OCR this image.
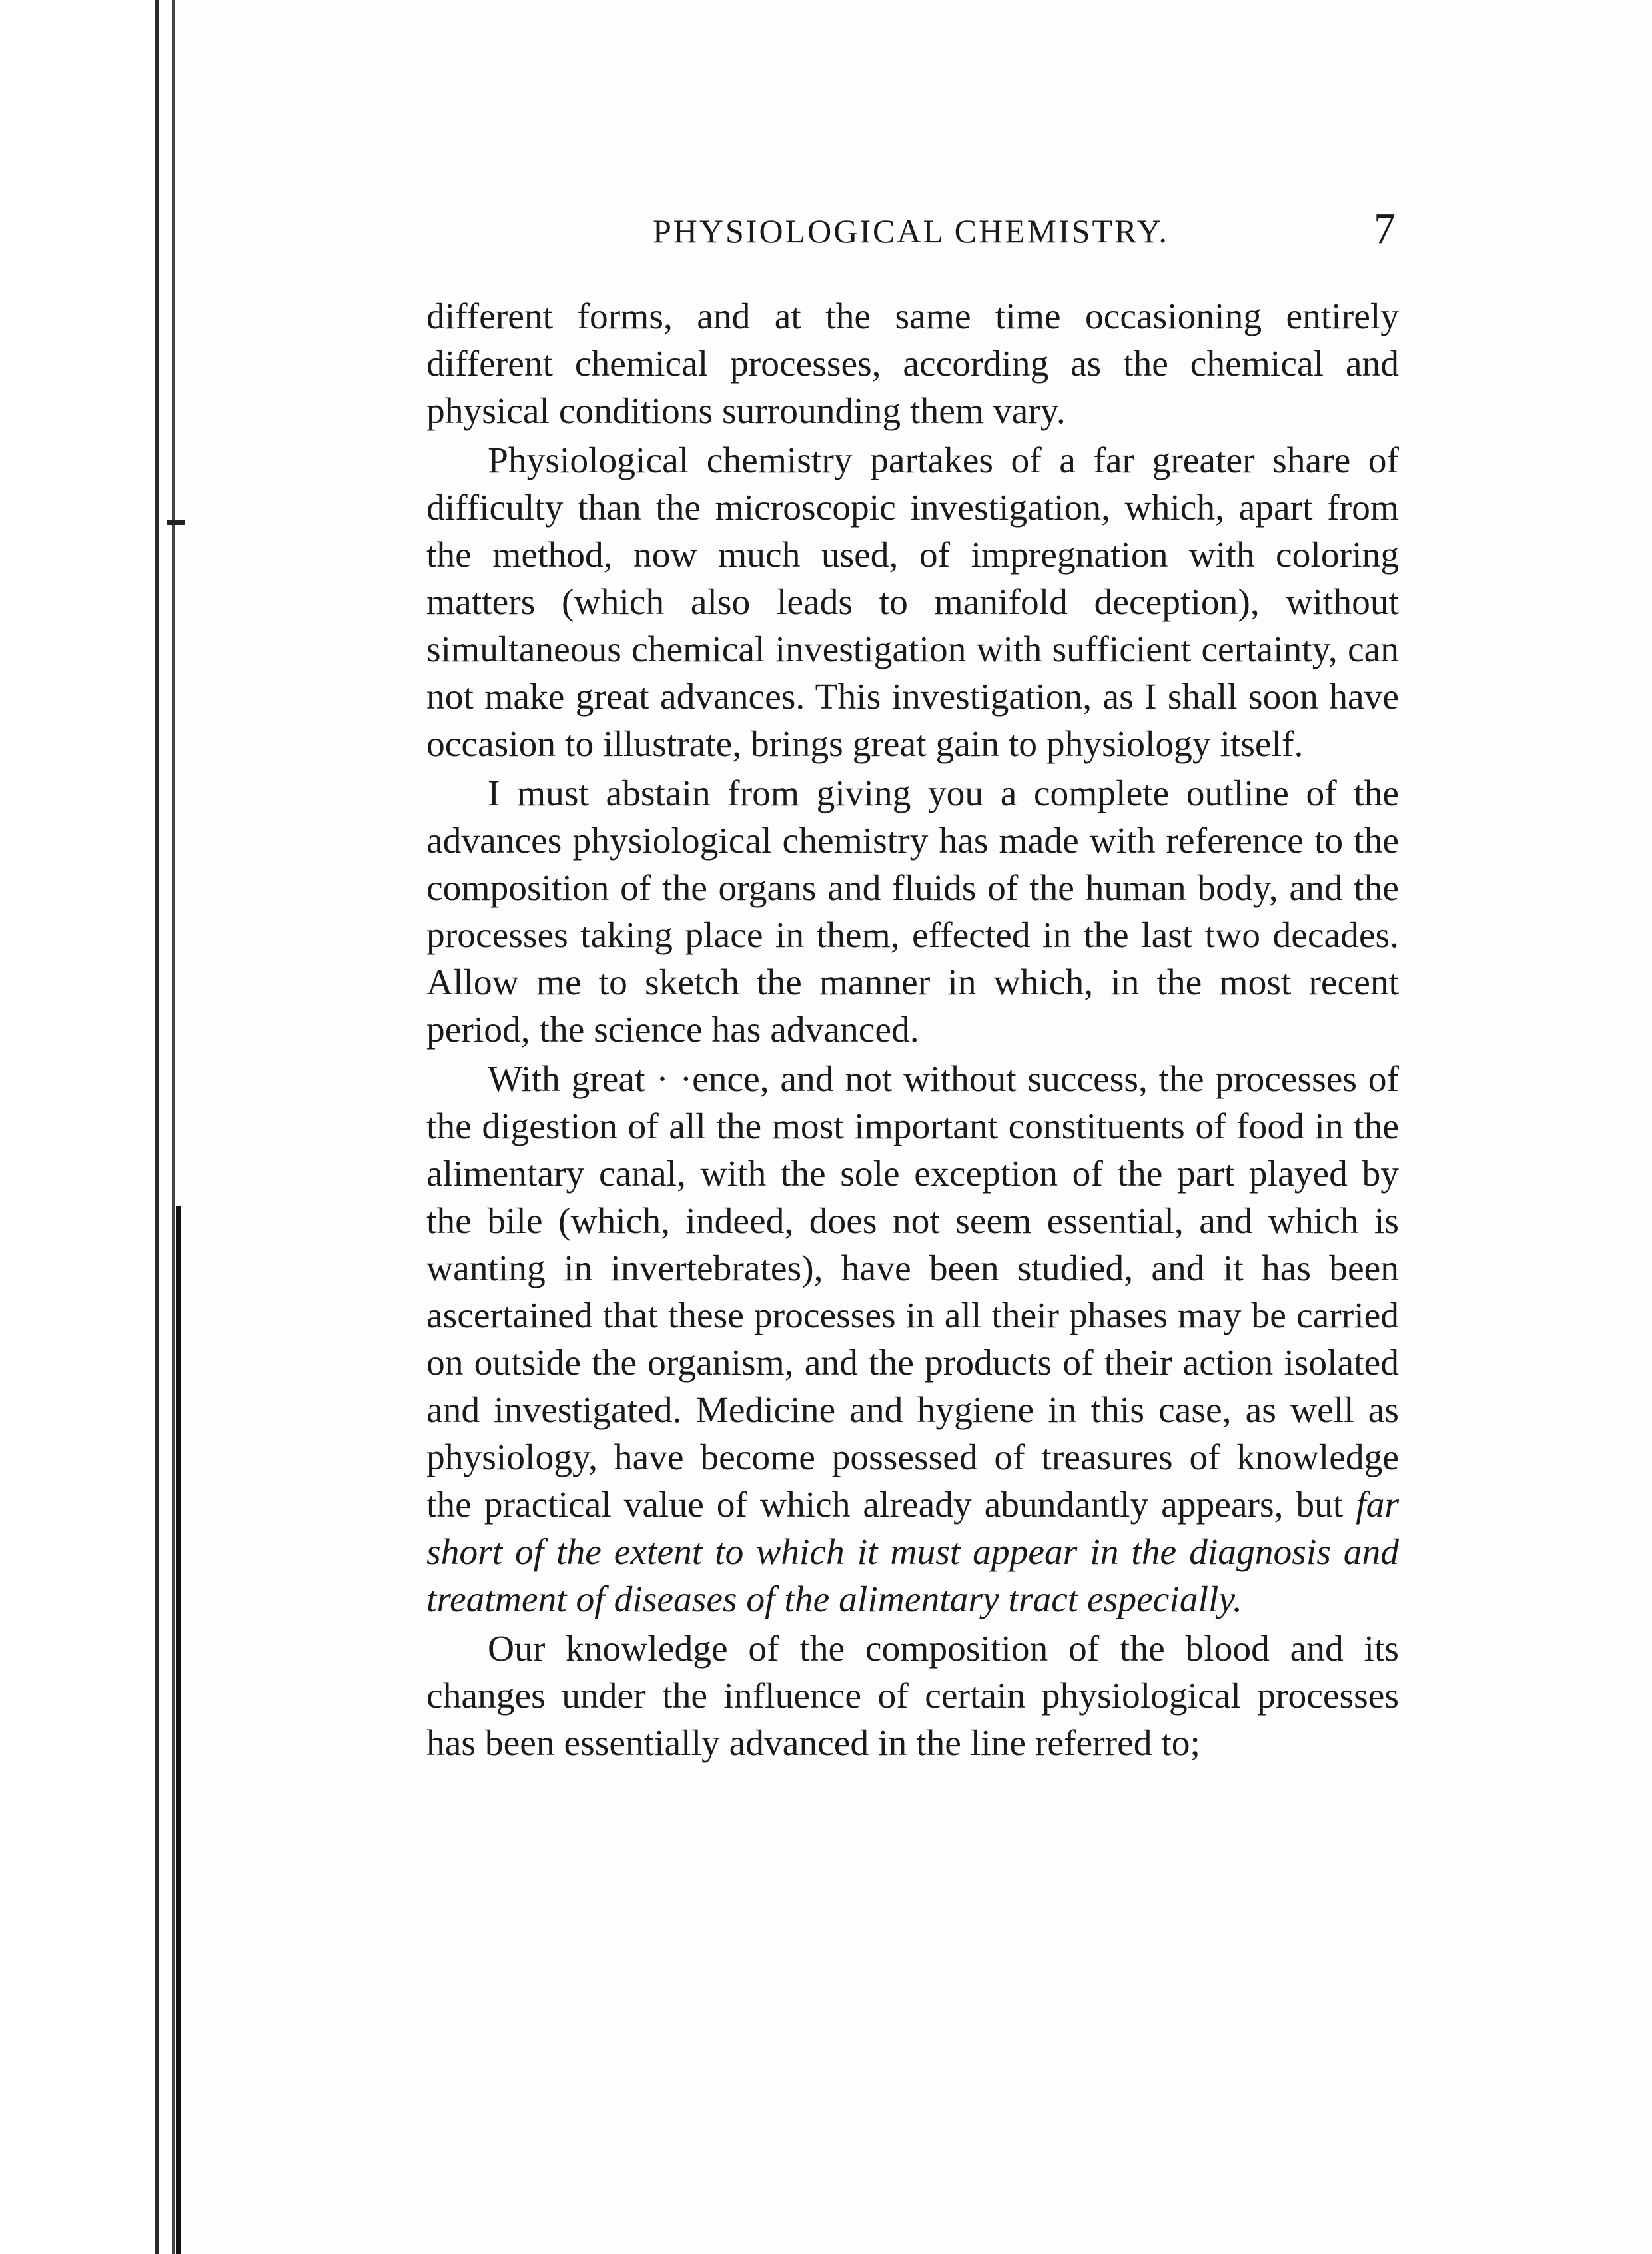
PHYSIOLOGICAL CHEMISTRY.	7

different forms, and at the same time occasioning entirely different chemical processes, according as the chemical and physical conditions surrounding them vary.

Physiological chemistry partakes of a far greater share of difficulty than the microscopic investigation, which, apart from the method, now much used, of impregnation with coloring matters (which also leads to manifold deception), without simultaneous chemical investigation with sufficient certainty, can not make great advances. This investigation, as I shall soon have occasion to illustrate, brings great gain to physiology itself.

I must abstain from giving you a complete outline of the advances physiological chemistry has made with reference to the composition of the organs and fluids of the human body, and the processes taking place in them, effected in the last two decades. Allow me to sketch the manner in which, in the most recent period, the science has advanced.

With great · ·ence, and not without success, the processes of the digestion of all the most important constituents of food in the alimentary canal, with the sole exception of the part played by the bile (which, indeed, does not seem essential, and which is wanting in invertebrates), have been studied, and it has been ascertained that these processes in all their phases may be carried on outside the organism, and the products of their action isolated and investigated. Medicine and hygiene in this case, as well as physiology, have become possessed of treasures of knowledge the practical value of which already abundantly appears, but far short of the extent to which it must appear in the diagnosis and treatment of diseases of the alimentary tract especially.

Our knowledge of the composition of the blood and its changes under the influence of certain physiological processes has been essentially advanced in the line referred to;
